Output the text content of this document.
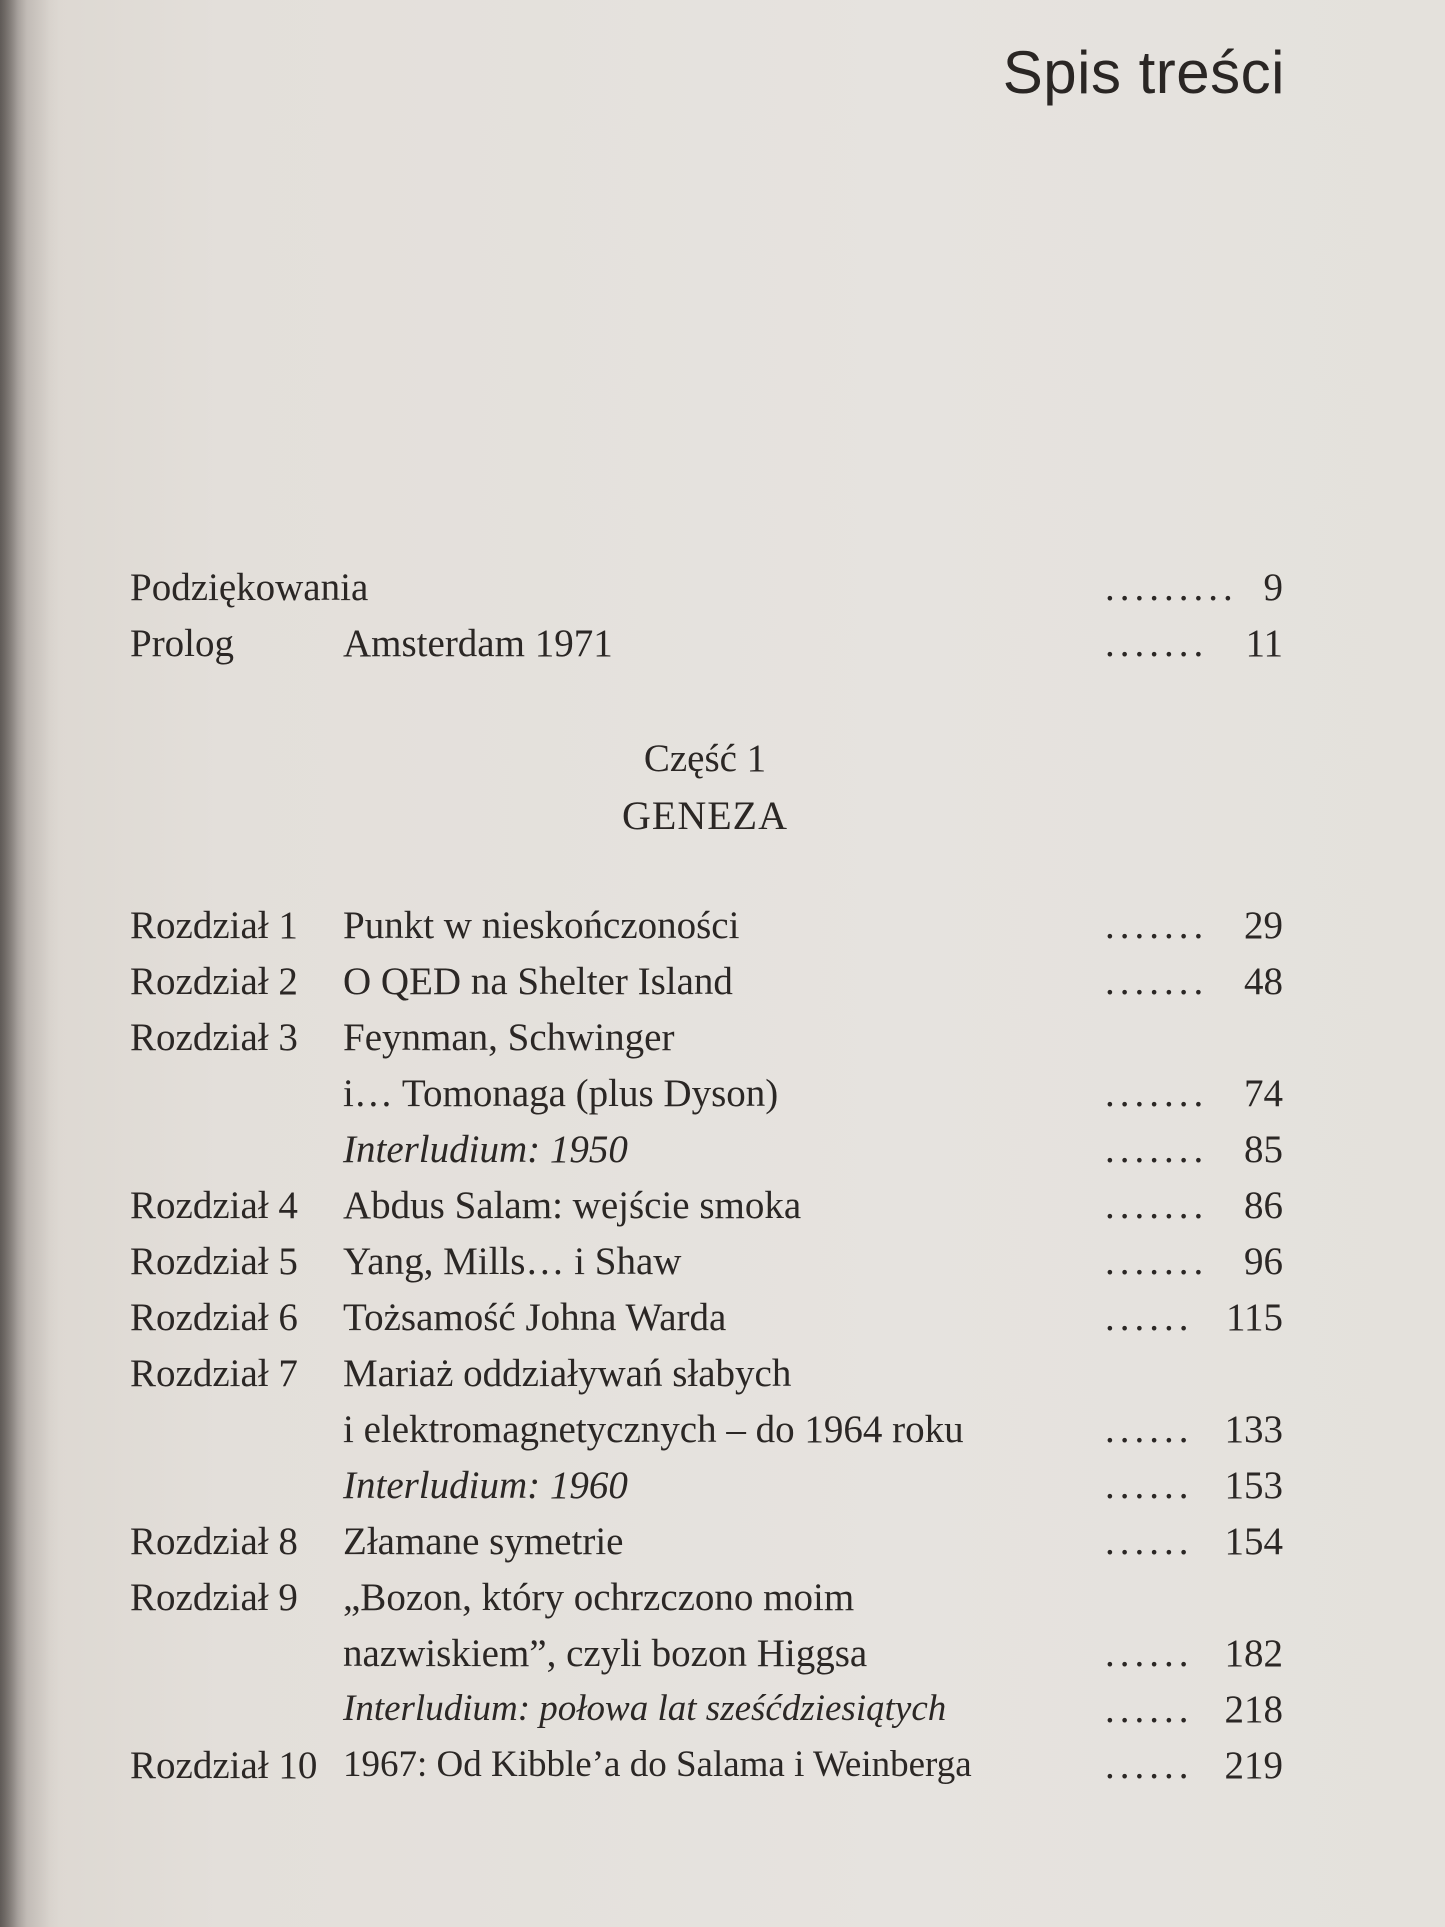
Spis treści
Podziękowania	......... 9
Prolog	Amsterdam 1971	....... 11
Część 1
GENEZA
Rozdział 1 Punkt w nieskończoności	....... 29
Rozdział 2 O QED na Shelter Island	....... 48
Rozdział 3 Feynman, Schwinger
i… Tomonaga (plus Dyson)	....... 74
Interludium: 1950	....... 85
Rozdział 4 Abdus Salam: wejście smoka	....... 86
Rozdział 5 Yang, Mills… i Shaw	....... 96
Rozdział 6 Tożsamość Johna Warda	...... 115
Rozdział 7 Mariaż oddziaływań słabych
i elektromagnetycznych – do 1964 roku	...... 133
Interludium: 1960	...... 153
Rozdział 8 Złamane symetrie	...... 154
Rozdział 9 „Bozon, który ochrzczono moim
nazwiskiem”, czyli bozon Higgsa	...... 182
Interludium: połowa lat sześćdziesiątych	...... 218
Rozdział 10 1967: Od Kibble’a do Salama i Weinberga	...... 219
